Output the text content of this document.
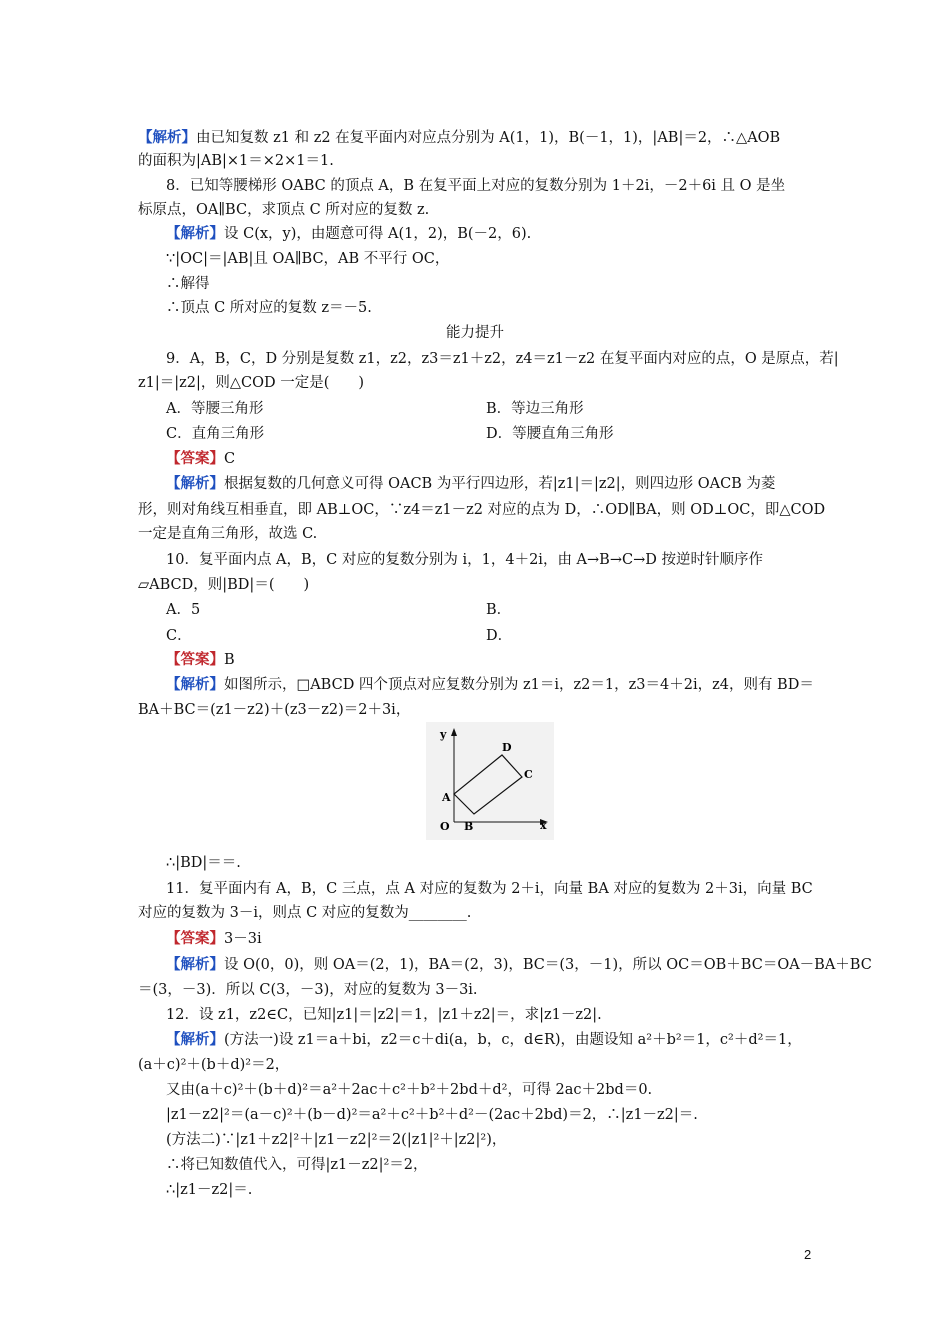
【解析】由已知复数 z1 和 z2 在复平面内对应点分别为 A(1，1)，B(－1，1)，|AB|＝2，∴△AOB
的面积为|AB|×1＝×2×1＝1.
8．已知等腰梯形 OABC 的顶点 A，B 在复平面上对应的复数分别为 1＋2i，－2＋6i 且 O 是坐
标原点，OA∥BC，求顶点 C 所对应的复数 z.
【解析】设 C(x，y)，由题意可得 A(1，2)，B(－2，6).
∵|OC|＝|AB|且 OA∥BC，AB 不平行 OC，
∴解得
∴顶点 C 所对应的复数 z＝－5.
能力提升
9．A，B，C，D 分别是复数 z1，z2，z3＝z1＋z2，z4＝z1－z2 在复平面内对应的点，O 是原点，若|
z1|＝|z2|，则△COD 一定是(　　)
A．等腰三角形	B．等边三角形
C．直角三角形	D．等腰直角三角形
【答案】C
【解析】根据复数的几何意义可得 OACB 为平行四边形，若|z1|＝|z2|，则四边形 OACB 为菱
形，则对角线互相垂直，即 AB⊥OC，∵z4＝z1－z2 对应的点为 D，∴OD∥BA，则 OD⊥OC，即△COD
一定是直角三角形，故选 C.
10．复平面内点 A，B，C 对应的复数分别为 i，1，4＋2i，由 A→B→C→D 按逆时针顺序作
▱ABCD，则|BD|＝(　　)
A．5	B．
C．	D．
【答案】B
【解析】如图所示，□ABCD 四个顶点对应复数分别为 z1＝i，z2＝1，z3＝4＋2i，z4，则有 BD＝
BA＋BC＝(z1－z2)＋(z3－z2)＝2＋3i，
y
x
O
A
B
C
D
∴|BD|＝＝.
11．复平面内有 A，B，C 三点，点 A 对应的复数为 2＋i，向量 BA 对应的复数为 2＋3i，向量 BC
对应的复数为 3－i，则点 C 对应的复数为________.
【答案】3－3i
【解析】设 O(0，0)，则 OA＝(2，1)，BA＝(2，3)，BC＝(3，－1)，所以 OC＝OB＋BC＝OA－BA＋BC
＝(3，－3)．所以 C(3，－3)，对应的复数为 3－3i.
12．设 z1，z2∈C，已知|z1|＝|z2|＝1，|z1＋z2|＝，求|z1－z2|.
【解析】(方法一)设 z1＝a＋bi，z2＝c＋di(a，b，c，d∈R)，由题设知 a²＋b²＝1，c²＋d²＝1，
(a＋c)²＋(b＋d)²＝2，
又由(a＋c)²＋(b＋d)²＝a²＋2ac＋c²＋b²＋2bd＋d²，可得 2ac＋2bd＝0.
|z1－z2|²＝(a－c)²＋(b－d)²＝a²＋c²＋b²＋d²－(2ac＋2bd)＝2，∴|z1－z2|＝.
(方法二)∵|z1＋z2|²＋|z1－z2|²＝2(|z1|²＋|z2|²)，
∴将已知数值代入，可得|z1－z2|²＝2，
∴|z1－z2|＝.
2
